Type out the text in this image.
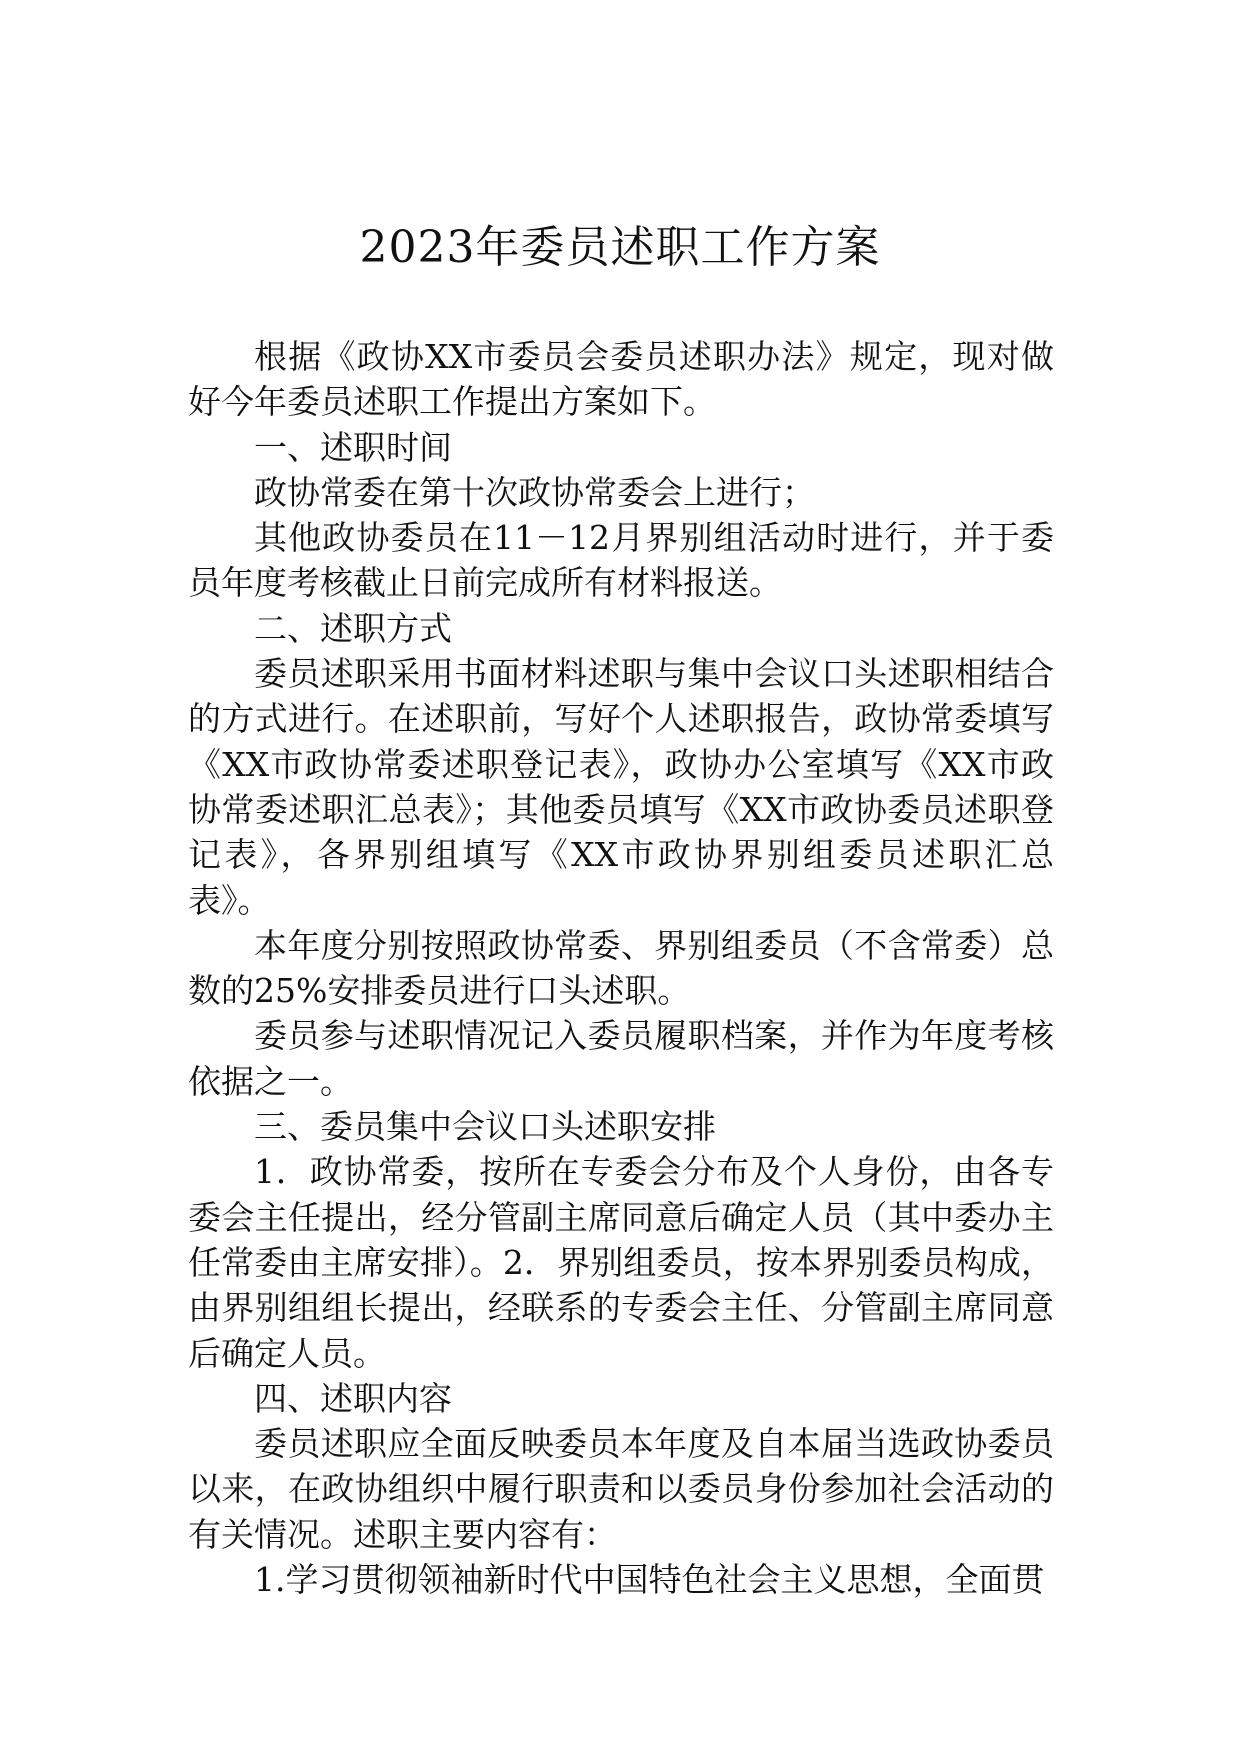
2023年委员述职工作方案

根据《政协XX市委员会委员述职办法》规定，现对做好今年委员述职工作提出方案如下。

一、述职时间

政协常委在第十次政协常委会上进行；

其他政协委员在11－12月界别组活动时进行，并于委员年度考核截止日前完成所有材料报送。

二、述职方式

委员述职采用书面材料述职与集中会议口头述职相结合的方式进行。在述职前，写好个人述职报告，政协常委填写《XX市政协常委述职登记表》，政协办公室填写《XX市政协常委述职汇总表》；其他委员填写《XX市政协委员述职登记表》，各界别组填写《XX市政协界别组委员述职汇总表》。

本年度分别按照政协常委、界别组委员（不含常委）总数的25%安排委员进行口头述职。

委员参与述职情况记入委员履职档案，并作为年度考核依据之一。

三、委员集中会议口头述职安排

1．政协常委，按所在专委会分布及个人身份，由各专委会主任提出，经分管副主席同意后确定人员（其中委办主任常委由主席安排）。2．界别组委员，按本界别委员构成，由界别组组长提出，经联系的专委会主任、分管副主席同意后确定人员。

四、述职内容

委员述职应全面反映委员本年度及自本届当选政协委员以来，在政协组织中履行职责和以委员身份参加社会活动的有关情况。述职主要内容有：

1.学习贯彻领袖新时代中国特色社会主义思想，全面贯
